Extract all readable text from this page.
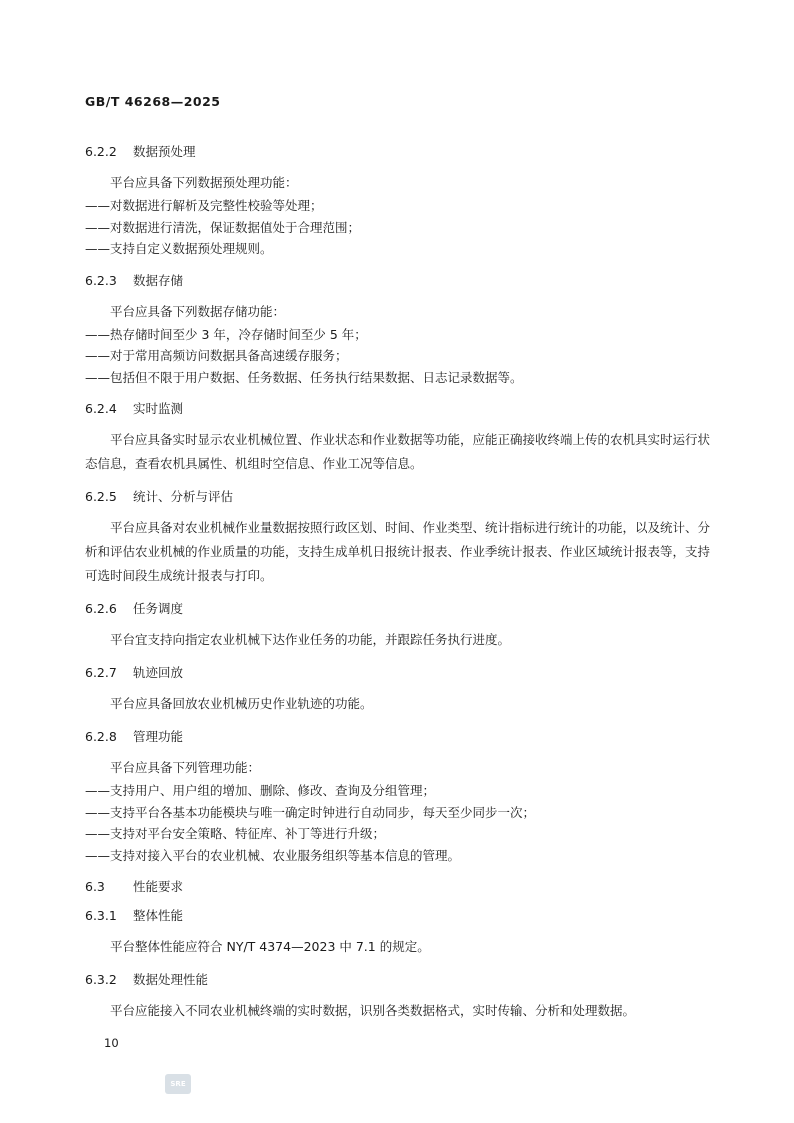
GB/T 46268—2025
6.2.2 数据预处理

平台应具备下列数据预处理功能：

——对数据进行解析及完整性校验等处理；

——对数据进行清洗，保证数据值处于合理范围；

——支持自定义数据预处理规则。

6.2.3 数据存储

平台应具备下列数据存储功能：

——热存储时间至少 3 年，冷存储时间至少 5 年；

——对于常用高频访问数据具备高速缓存服务；

——包括但不限于用户数据、任务数据、任务执行结果数据、日志记录数据等。

6.2.4 实时监测

平台应具备实时显示农业机械位置、作业状态和作业数据等功能，应能正确接收终端上传的农机具实时运行状态信息，查看农机具属性、机组时空信息、作业工况等信息。

6.2.5 统计、分析与评估

平台应具备对农业机械作业量数据按照行政区划、时间、作业类型、统计指标进行统计的功能，以及统计、分析和评估农业机械的作业质量的功能，支持生成单机日报统计报表、作业季统计报表、作业区域统计报表等，支持可选时间段生成统计报表与打印。

6.2.6 任务调度

平台宜支持向指定农业机械下达作业任务的功能，并跟踪任务执行进度。

6.2.7 轨迹回放

平台应具备回放农业机械历史作业轨迹的功能。

6.2.8 管理功能

平台应具备下列管理功能：

——支持用户、用户组的增加、删除、修改、查询及分组管理；

——支持平台各基本功能模块与唯一确定时钟进行自动同步，每天至少同步一次；

——支持对平台安全策略、特征库、补丁等进行升级；

——支持对接入平台的农业机械、农业服务组织等基本信息的管理。

6.3 性能要求
6.3.1 整体性能

平台整体性能应符合 NY/T 4374—2023 中 7.1 的规定。

6.3.2 数据处理性能

平台应能接入不同农业机械终端的实时数据，识别各类数据格式，实时传输、分析和处理数据。

10
SRE
